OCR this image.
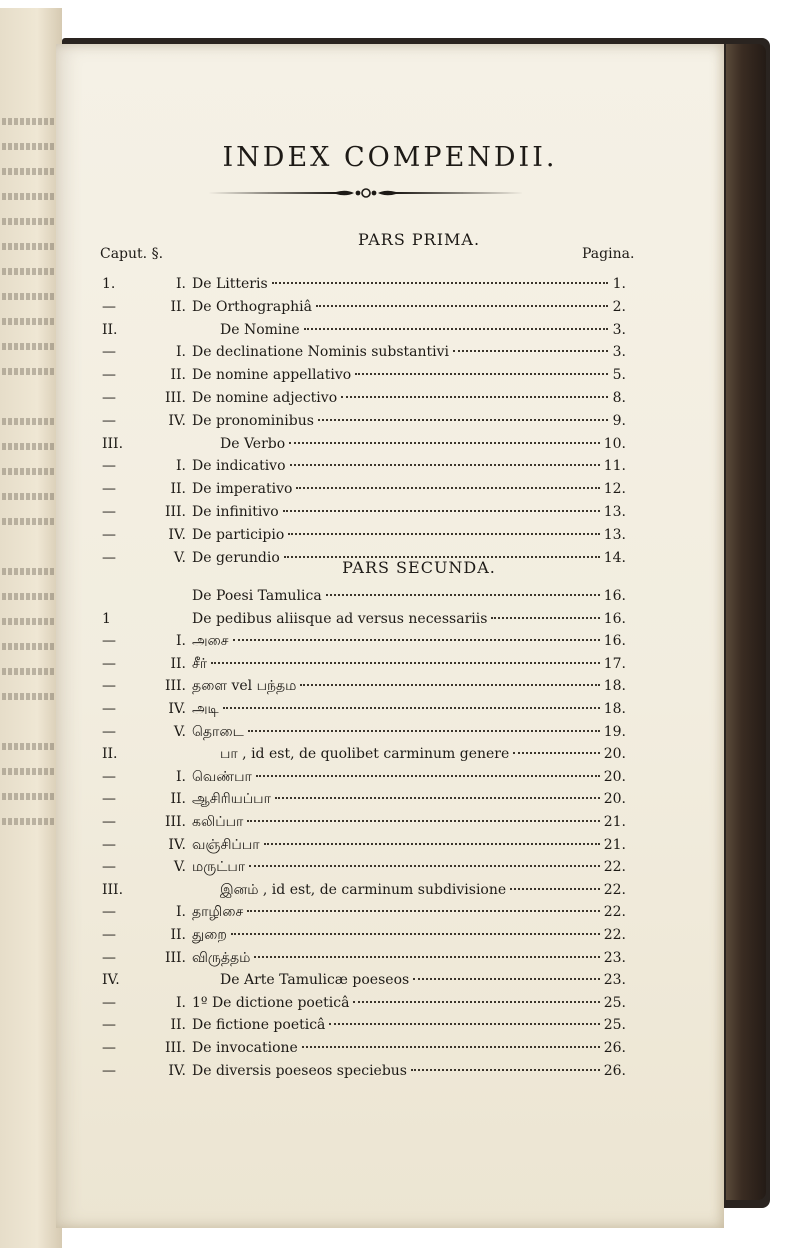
INDEX COMPENDII.
PARS PRIMA.
Caput. §.	Pagina.
1.	I. De Litteris	1.
—	II. De Orthographiâ	2.
II.	De Nomine	3.
—	I. De declinatione Nominis substantivi	3.
—	II. De nomine appellativo	5.
—	III. De nomine adjectivo	8.
—	IV. De pronominibus	9.
III.	De Verbo	10.
—	I. De indicativo	11.
—	II. De imperativo	12.
—	III. De infinitivo	13.
—	IV. De participio	13.
—	V. De gerundio	14.
PARS SECUNDA.
De Poesi Tamulica	16.
1	De pedibus aliisque ad versus necessariis	16.
—	I. அசை	16.
—	II. சீர்	17.
—	III. தளை vel பந்தம	18.
—	IV. அடி	18.
—	V. தொடை	19.
II.	பா , id est, de quolibet carminum genere	20.
—	I. வெண்பா	20.
—	II. ஆசிரியப்பா	20.
—	III. கலிப்பா	21.
—	IV. வஞ்சிப்பா	21.
—	V. மருட்பா	22.
III.	இனம் , id est, de carminum subdivisione	22.
—	I. தாழிசை	22.
—	II. துறை	22.
—	III. விருத்தம்	23.
IV.	De Arte Tamulicæ poeseos	23.
—	I. 1º De dictione poeticâ	25.
—	II. De fictione poeticâ	25.
—	III. De invocatione	26.
—	IV. De diversis poeseos speciebus	26.
